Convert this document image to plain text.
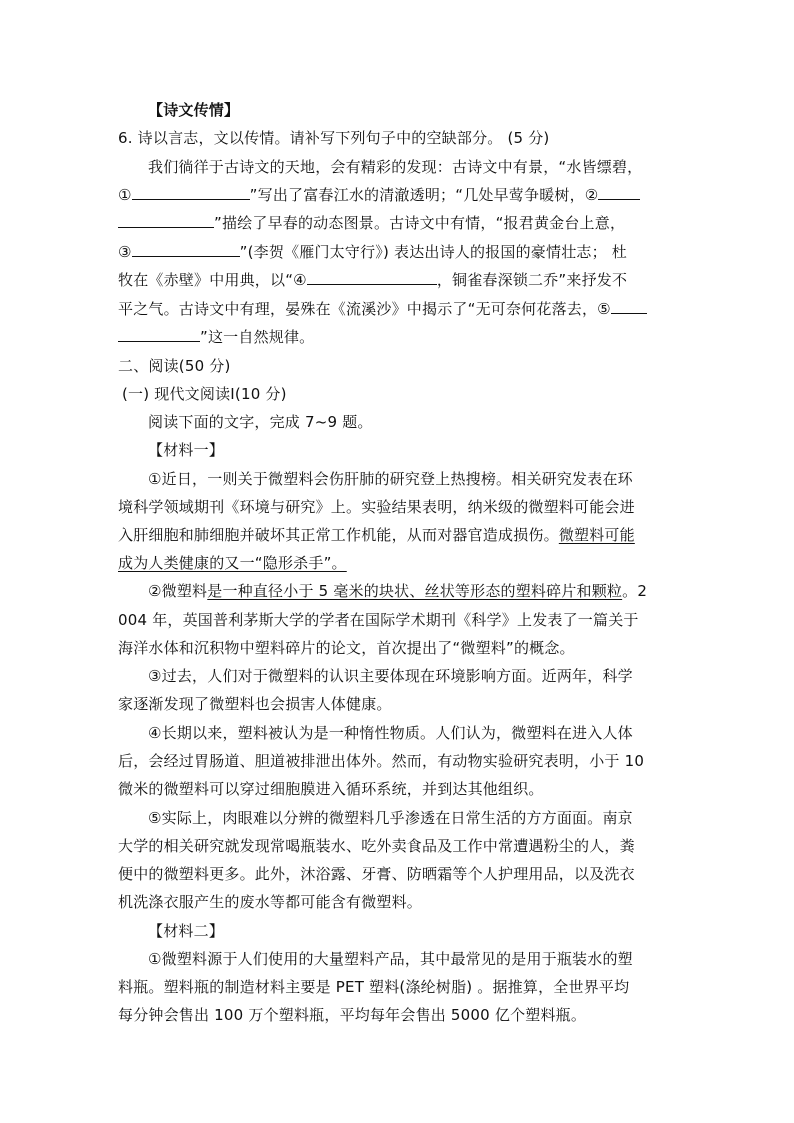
【诗文传情】
6. 诗以言志，文以传情。请补写下列句子中的空缺部分。 (5 分)
我们徜徉于古诗文的天地，会有精彩的发现：古诗文中有景，“水皆缥碧，
①	”写出了富春江水的清澈透明；“几处早莺争暖树，②
”描绘了早春的动态图景。古诗文中有情，“报君黄金台上意，
③	”(李贺《雁门太守行》) 表达出诗人的报国的豪情壮志； 杜
牧在《赤壁》中用典，以“④	，铜雀春深锁二乔”来抒发不
平之气。古诗文中有理，晏殊在《流溪沙》中揭示了“无可奈何花落去，⑤
”这一自然规律。
二、阅读(50 分)
(一) 现代文阅读Ⅰ(10 分)
阅读下面的文字，完成 7~9 题。
【材料一】
①近日，一则关于微塑料会伤肝肺的研究登上热搜榜。相关研究发表在环
境科学领域期刊《环境与研究》上。实验结果表明，纳米级的微塑料可能会进
入肝细胞和肺细胞并破坏其正常工作机能，从而对器官造成损伤。微塑料可能
成为人类健康的又一“隐形杀手”。
②微塑料是一种直径小于 5 毫米的块状、丝状等形态的塑料碎片和颗粒。2
004 年，英国普利茅斯大学的学者在国际学术期刊《科学》上发表了一篇关于
海洋水体和沉积物中塑料碎片的论文，首次提出了“微塑料”的概念。
③过去，人们对于微塑料的认识主要体现在环境影响方面。近两年，科学
家逐渐发现了微塑料也会损害人体健康。
④长期以来，塑料被认为是一种惰性物质。人们认为，微塑料在进入人体
后，会经过胃肠道、胆道被排泄出体外。然而，有动物实验研究表明，小于 10
微米的微塑料可以穿过细胞膜进入循环系统，并到达其他组织。
⑤实际上，肉眼难以分辨的微塑料几乎渗透在日常生活的方方面面。南京
大学的相关研究就发现常喝瓶装水、吃外卖食品及工作中常遭遇粉尘的人，粪
便中的微塑料更多。此外，沐浴露、牙膏、防晒霜等个人护理用品，以及洗衣
机洗涤衣服产生的废水等都可能含有微塑料。
【材料二】
①微塑料源于人们使用的大量塑料产品，其中最常见的是用于瓶装水的塑
料瓶。塑料瓶的制造材料主要是 PET 塑料(涤纶树脂) 。据推算，全世界平均
每分钟会售出 100 万个塑料瓶，平均每年会售出 5000 亿个塑料瓶。
